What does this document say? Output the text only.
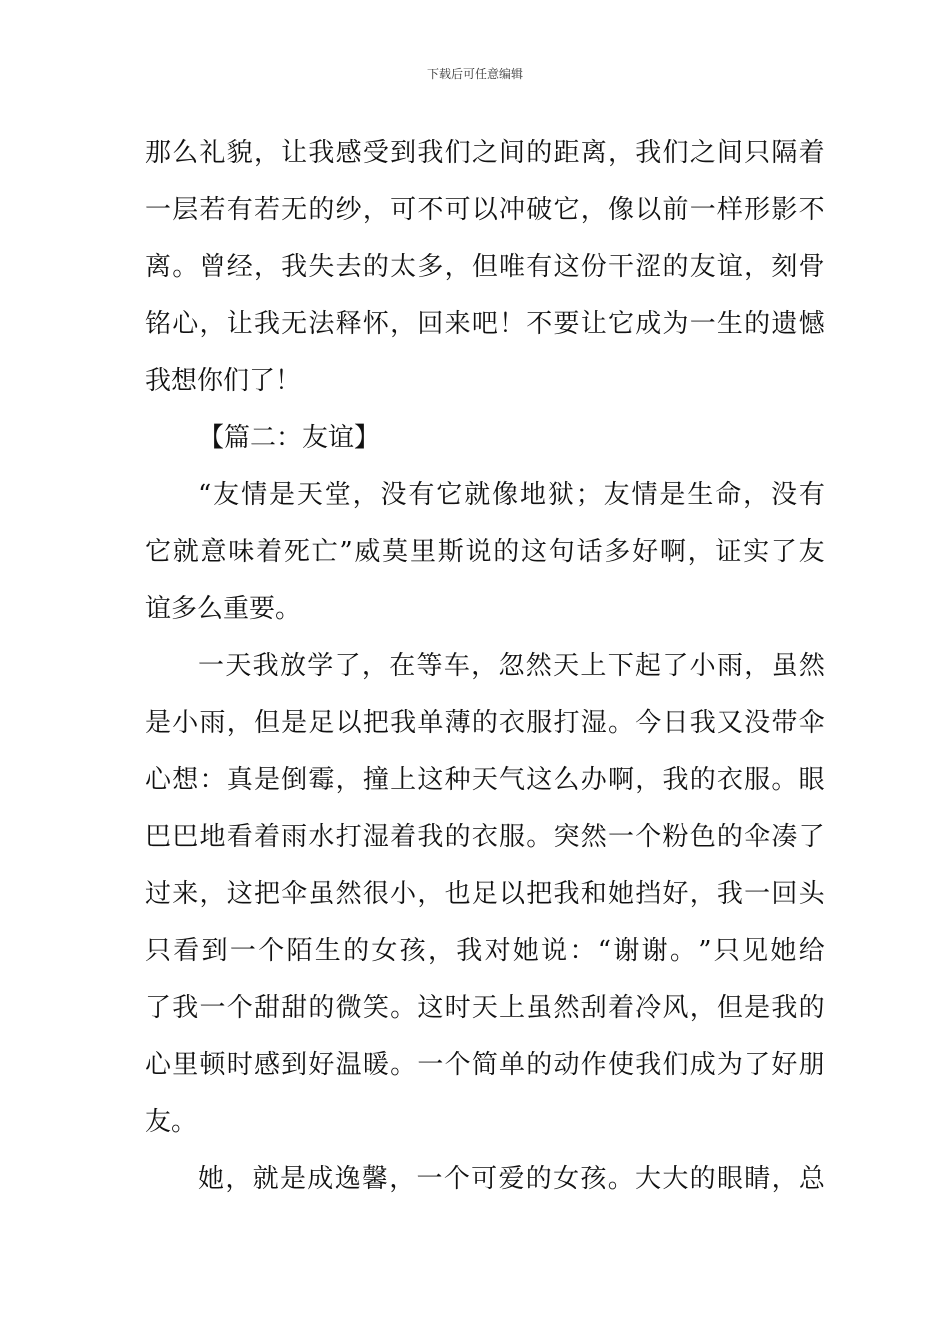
下载后可任意编辑
那 么 礼 貌 ， 让 我 感 受 到 我 们 之 间 的 距 离 ， 我 们 之 间 只 隔 着
一 层 若 有 若 无 的 纱 ， 可 不 可 以 冲 破 它 ， 像 以 前 一 样 形 影 不
离 。 曾 经 ， 我 失 去 的 太 多 ， 但 唯 有 这 份 干 涩 的 友 谊 ， 刻 骨
铭 心 ， 让 我 无 法 释 怀 ， 回 来 吧 ！ 不 要 让 它 成 为 一 生 的 遗 憾
我想你们了！
【篇二：友谊】
“ 友 情 是 天 堂 ， 没 有 它 就 像 地 狱 ； 友 情 是 生 命 ， 没 有
它 就 意 味 着 死 亡 ” 威 莫 里 斯 说 的 这 句 话 多 好 啊 ， 证 实 了 友
谊多么重要。
一 天 我 放 学 了 ， 在 等 车 ， 忽 然 天 上 下 起 了 小 雨 ， 虽 然
是 小 雨 ， 但 是 足 以 把 我 单 薄 的 衣 服 打 湿 。 今 日 我 又 没 带 伞
心 想 ： 真 是 倒 霉 ， 撞 上 这 种 天 气 这 么 办 啊 ， 我 的 衣 服 。 眼
巴 巴 地 看 着 雨 水 打 湿 着 我 的 衣 服 。 突 然 一 个 粉 色 的 伞 凑 了
过 来 ， 这 把 伞 虽 然 很 小 ， 也 足 以 把 我 和 她 挡 好 ， 我 一 回 头
只 看 到 一 个 陌 生 的 女 孩 ， 我 对 她 说 ： “ 谢 谢 。 ” 只 见 她 给
了 我 一 个 甜 甜 的 微 笑 。 这 时 天 上 虽 然 刮 着 冷 风 ， 但 是 我 的
心 里 顿 时 感 到 好 温 暖 。 一 个 简 单 的 动 作 使 我 们 成 为 了 好 朋
友。
她 ， 就 是 成 逸 馨 ， 一 个 可 爱 的 女 孩 。 大 大 的 眼 睛 ， 总
